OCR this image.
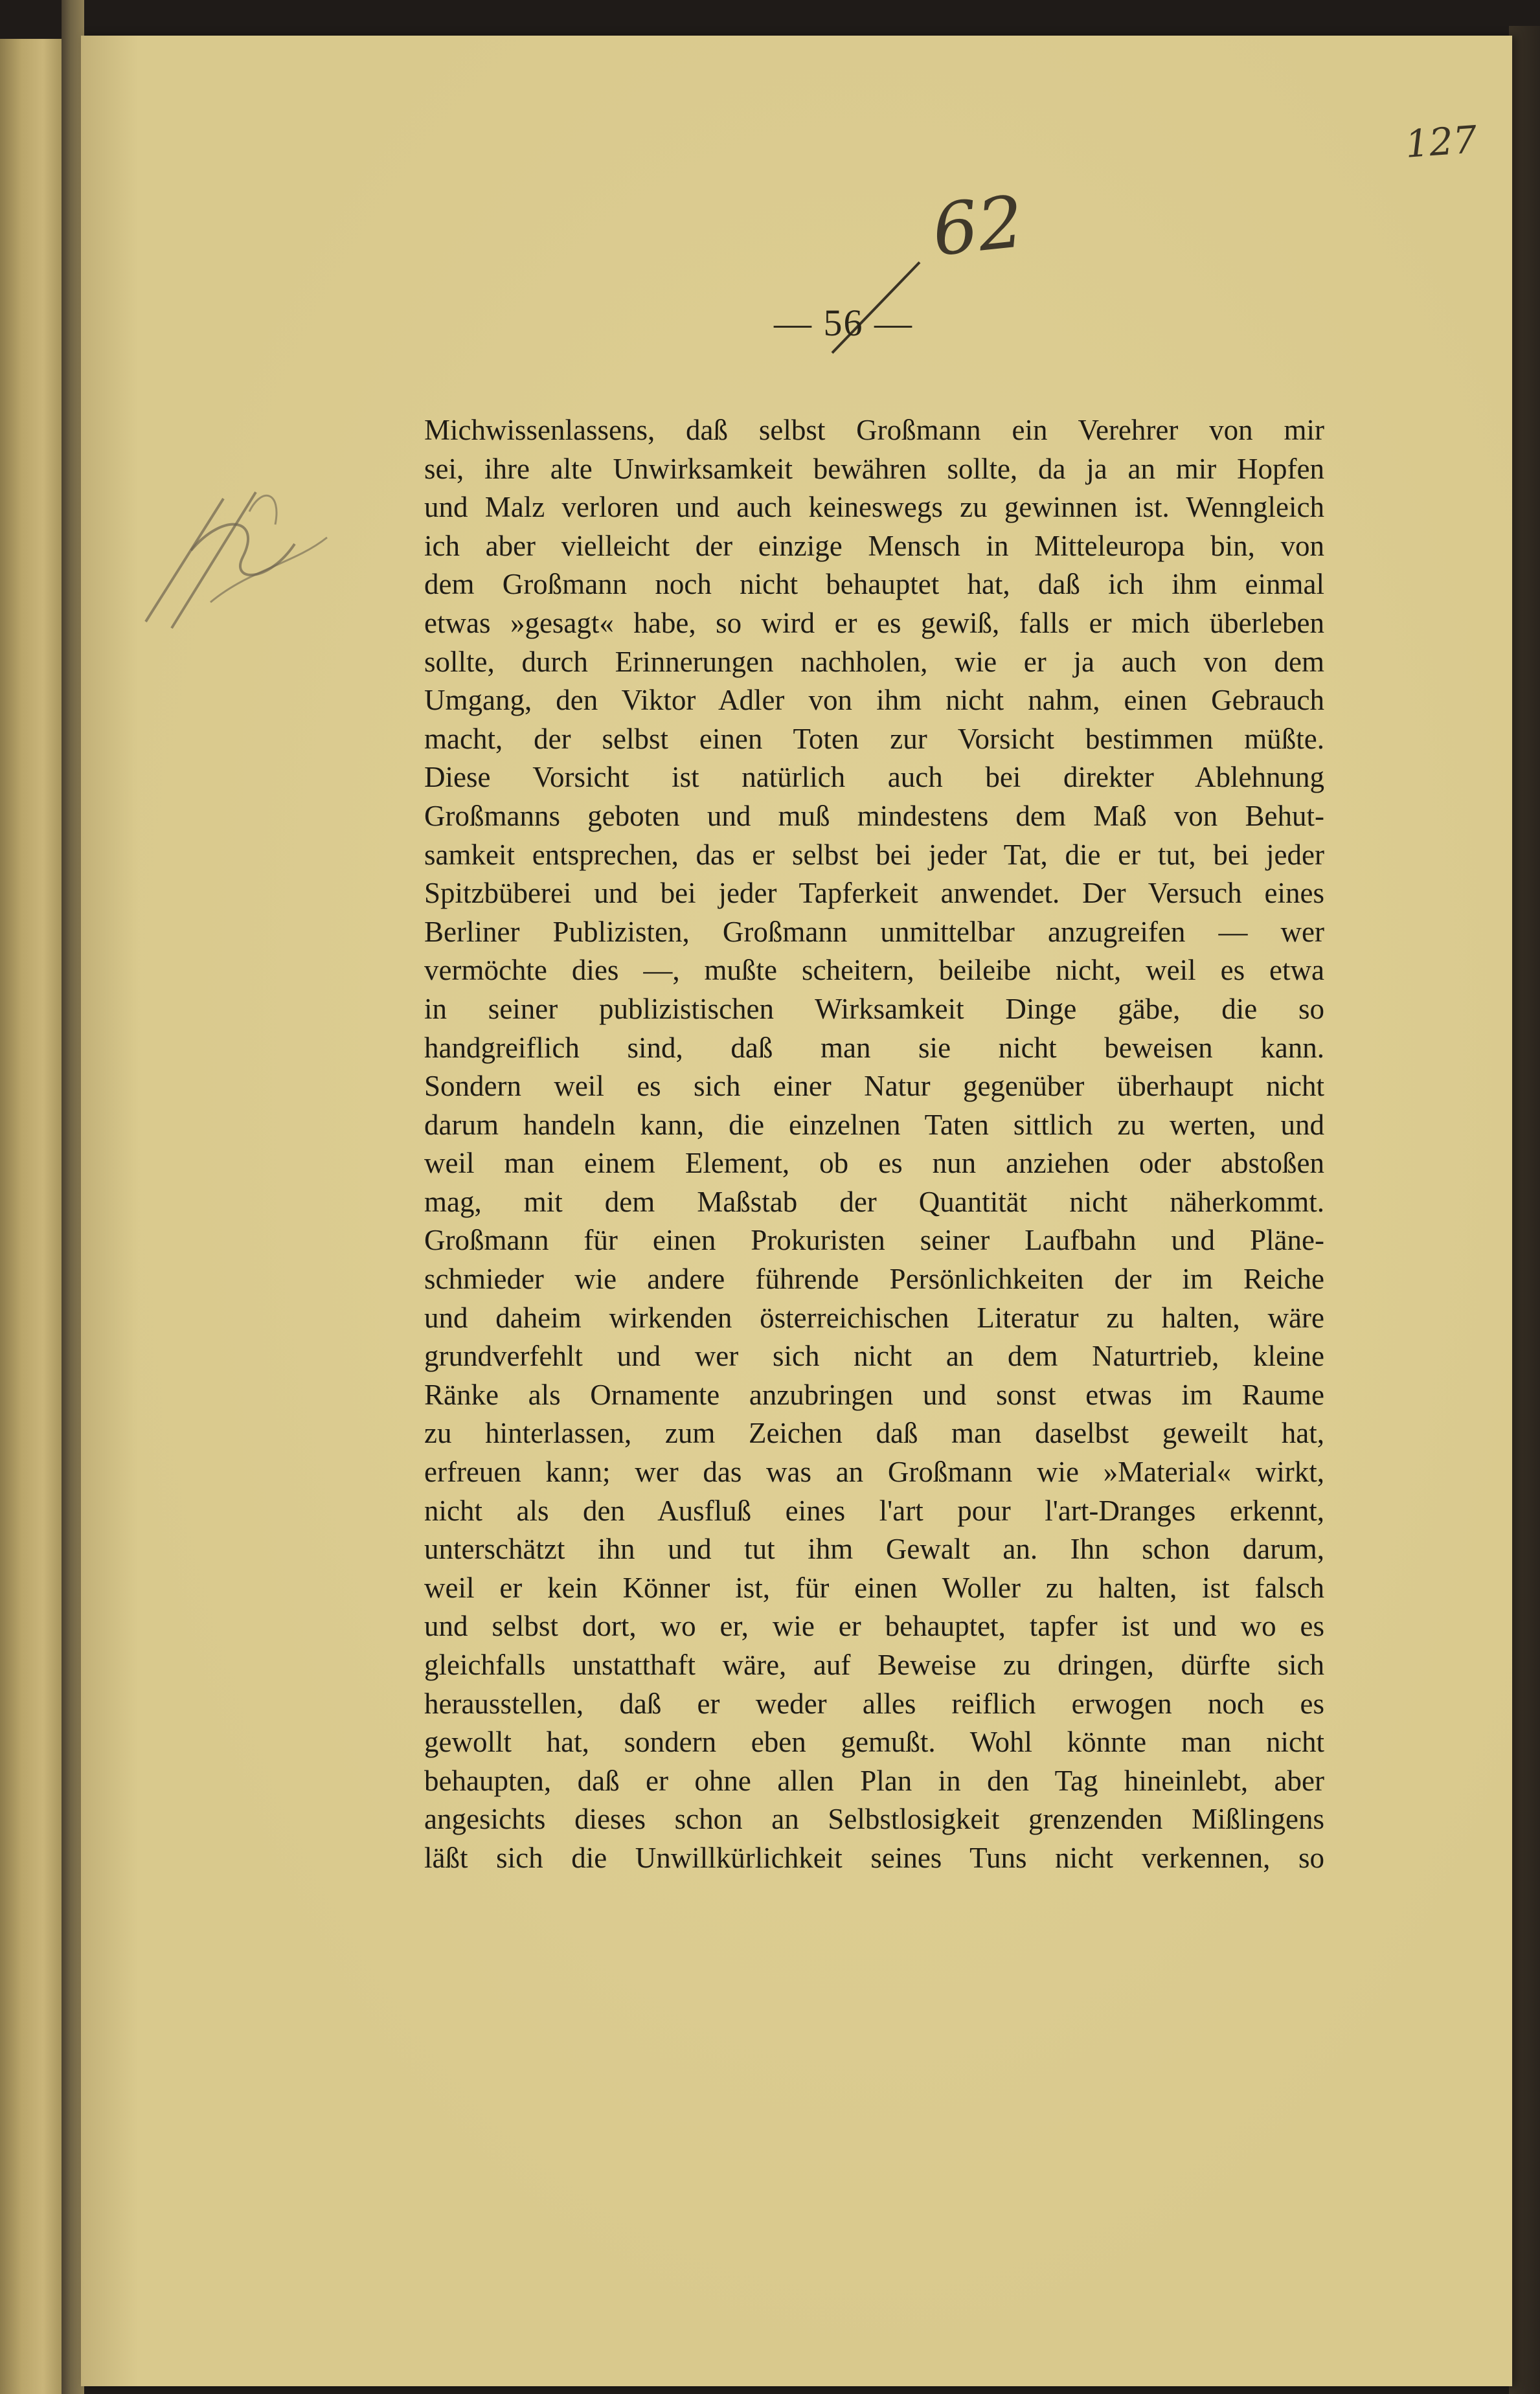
127
62
— 56 —
Michwissenlassens, daß selbst Großmann ein Verehrer von mir
sei, ihre alte Unwirksamkeit bewähren sollte, da ja an mir Hopfen
und Malz verloren und auch keineswegs zu gewinnen ist. Wenngleich
ich aber vielleicht der einzige Mensch in Mitteleuropa bin, von
dem Großmann noch nicht behauptet hat, daß ich ihm einmal
etwas »gesagt« habe, so wird er es gewiß, falls er mich überleben
sollte, durch Erinnerungen nachholen, wie er ja auch von dem
Umgang, den Viktor Adler von ihm nicht nahm, einen Gebrauch
macht, der selbst einen Toten zur Vorsicht bestimmen müßte.
Diese Vorsicht ist natürlich auch bei direkter Ablehnung
Großmanns geboten und muß mindestens dem Maß von Behut-
samkeit entsprechen, das er selbst bei jeder Tat, die er tut, bei jeder
Spitzbüberei und bei jeder Tapferkeit anwendet. Der Versuch eines
Berliner Publizisten, Großmann unmittelbar anzugreifen — wer
vermöchte dies —, mußte scheitern, beileibe nicht, weil es etwa
in seiner publizistischen Wirksamkeit Dinge gäbe, die so
handgreiflich sind, daß man sie nicht beweisen kann.
Sondern weil es sich einer Natur gegenüber überhaupt nicht
darum handeln kann, die einzelnen Taten sittlich zu werten, und
weil man einem Element, ob es nun anziehen oder abstoßen
mag, mit dem Maßstab der Quantität nicht näherkommt.
Großmann für einen Prokuristen seiner Laufbahn und Pläne-
schmieder wie andere führende Persönlichkeiten der im Reiche
und daheim wirkenden österreichischen Literatur zu halten, wäre
grundverfehlt und wer sich nicht an dem Naturtrieb, kleine
Ränke als Ornamente anzubringen und sonst etwas im Raume
zu hinterlassen, zum Zeichen daß man daselbst geweilt hat,
erfreuen kann; wer das was an Großmann wie »Material« wirkt,
nicht als den Ausfluß eines l'art pour l'art-Dranges erkennt,
unterschätzt ihn und tut ihm Gewalt an. Ihn schon darum,
weil er kein Könner ist, für einen Woller zu halten, ist falsch
und selbst dort, wo er, wie er behauptet, tapfer ist und wo es
gleichfalls unstatthaft wäre, auf Beweise zu dringen, dürfte sich
herausstellen, daß er weder alles reiflich erwogen noch es
gewollt hat, sondern eben gemußt. Wohl könnte man nicht
behaupten, daß er ohne allen Plan in den Tag hineinlebt, aber
angesichts dieses schon an Selbstlosigkeit grenzenden Mißlingens
läßt sich die Unwillkürlichkeit seines Tuns nicht verkennen, so
